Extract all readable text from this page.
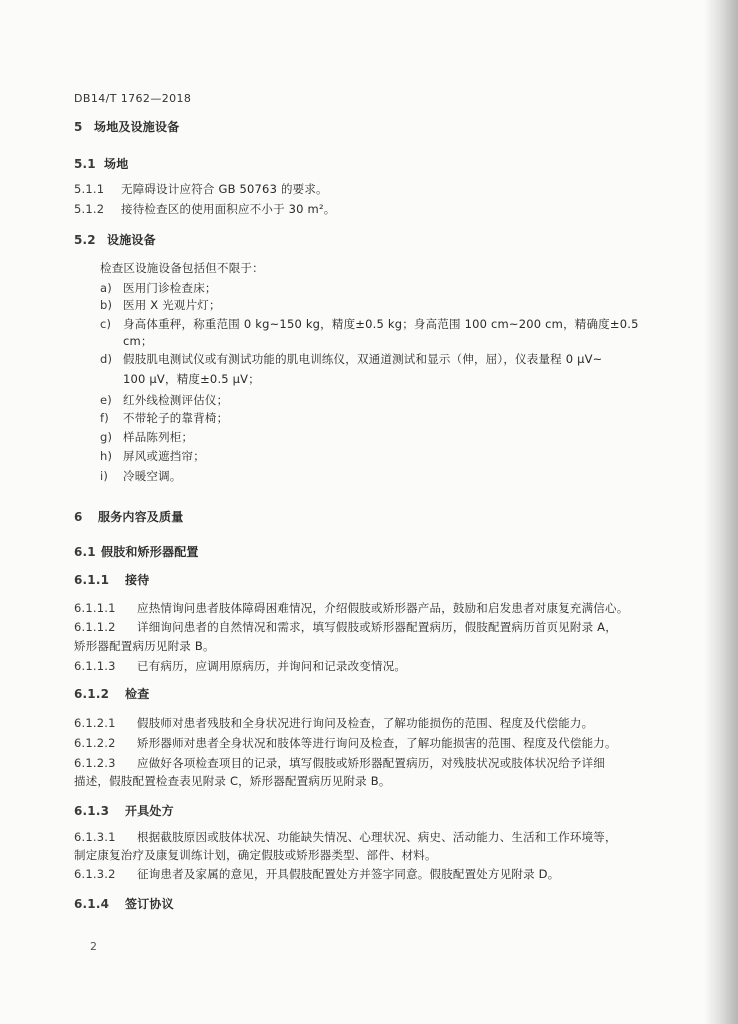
DB14/T 1762—2018
5 场地及设施设备
5.1 场地
5.1.1 无障碍设计应符合 GB 50763 的要求。
5.1.2 接待检查区的使用面积应不小于 30 m²。
5.2 设施设备
检查区设施设备包括但不限于：
a) 医用门诊检查床；
b) 医用 X 光观片灯；
c) 身高体重秤，称重范围 0 kg~150 kg，精度±0.5 kg；身高范围 100 cm~200 cm，精确度±0.5
cm；
d) 假肢肌电测试仪或有测试功能的肌电训练仪，双通道测试和显示（伸，屈），仪表量程 0 μV~
100 μV，精度±0.5 μV；
e) 红外线检测评估仪；
f) 不带轮子的靠背椅；
g) 样品陈列柜；
h) 屏风或遮挡帘；
i) 冷暖空调。
6 服务内容及质量
6.1 假肢和矫形器配置
6.1.1 接待
6.1.1.1 应热情询问患者肢体障碍困难情况，介绍假肢或矫形器产品，鼓励和启发患者对康复充满信心。
6.1.1.2 详细询问患者的自然情况和需求，填写假肢或矫形器配置病历，假肢配置病历首页见附录 A，
矫形器配置病历见附录 B。
6.1.1.3 已有病历，应调用原病历，并询问和记录改变情况。
6.1.2 检查
6.1.2.1 假肢师对患者残肢和全身状况进行询问及检查，了解功能损伤的范围、程度及代偿能力。
6.1.2.2 矫形器师对患者全身状况和肢体等进行询问及检查，了解功能损害的范围、程度及代偿能力。
6.1.2.3 应做好各项检查项目的记录，填写假肢或矫形器配置病历，对残肢状况或肢体状况给予详细
描述，假肢配置检查表见附录 C，矫形器配置病历见附录 B。
6.1.3 开具处方
6.1.3.1 根据截肢原因或肢体状况、功能缺失情况、心理状况、病史、活动能力、生活和工作环境等，
制定康复治疗及康复训练计划，确定假肢或矫形器类型、部件、材料。
6.1.3.2 征询患者及家属的意见，开具假肢配置处方并签字同意。假肢配置处方见附录 D。
6.1.4 签订协议
2
